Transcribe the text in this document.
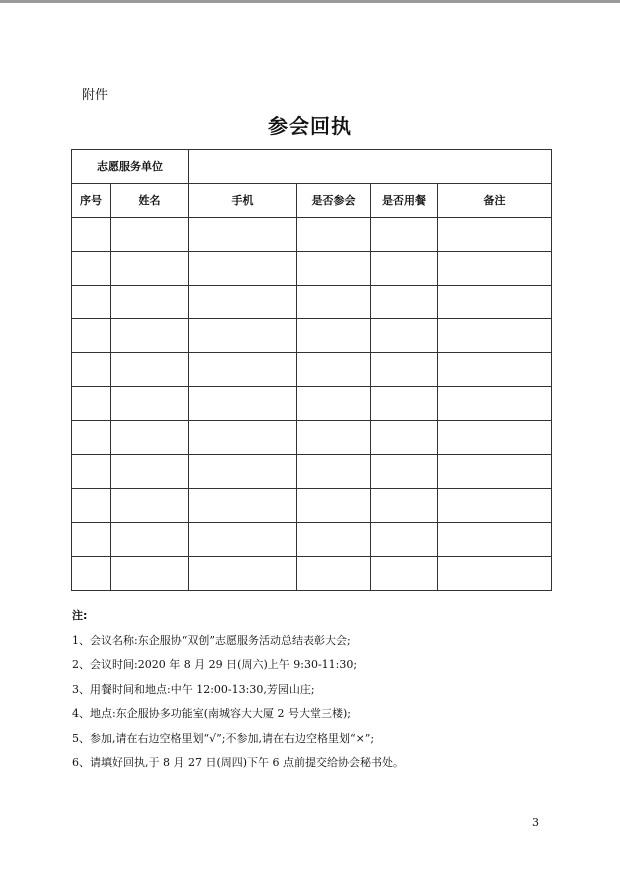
附件
参会回执
志愿服务单位					
序号	姓名	手机	是否参会	是否用餐	备注

注:
1、会议名称:东企服协“双创”志愿服务活动总结表彰大会;
2、会议时间:2020 年 8 月 29 日(周六)上午 9:30-11:30;
3、用餐时间和地点:中午 12:00-13:30,芳园山庄;
4、地点:东企服协多功能室(南城容大大厦 2 号大堂三楼);
5、参加,请在右边空格里划“√”;不参加,请在右边空格里划“×”;
6、请填好回执,于 8 月 27 日(周四)下午 6 点前提交给协会秘书处。
3
